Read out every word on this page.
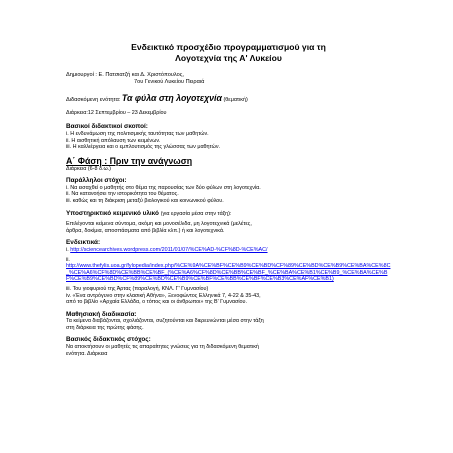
Ενδεικτικό προσχέδιο προγραμματισμού για τη
Λογοτεχνία της Α' Λυκείου
Δημιουργοί : Ε. Πατσιατζή και Δ. Χριστόπουλος,
7ου Γενικού Λυκείου Πειραιά
Διδασκόμενη ενότητα: Τα φύλα στη λογοτεχνία (θεματική)
Διάρκεια:12 Σεπτεμβρίου – 23 Δεκεμβρίου

Βασικοί διδακτικοί σκοποί:

i. Η ενδυνάμωση της πολιτισμικής ταυτότητας των μαθητών.

ii. Η αισθητική απόλαυση των κειμένων.

iii. Η καλλιέργεια και ο εμπλουτισμός της γλώσσας των μαθητών.

Α΄ Φάση : Πριν την ανάγνωση

Διάρκεια (6-8 δ.ω.)

Παράλληλοι στόχοι:

i. Να εισαχθεί ο μαθητής στο θέμα της παρουσίας των δύο φύλων στη λογοτεχνία.

ii. Να κατανοήσει την ιστορικότητα του θέματος.

iii. καθώς και τη διάκριση μεταξύ βιολογικού και κοινωνικού φύλου.

Υποστηρικτικό κειμενικό υλικό (για εργασία μέσα στην τάξη):

Επιλέγονται κείμενα σύντομα, ακόμη και μονοσέλιδα, μη λογοτεχνικά (μελέτες,

άρθρα, δοκίμια, αποσπάσματα από βιβλία κλπ.) ή και λογοτεχνικά.

Ενδεικτικά:

i. http://sciencearchives.wordpress.com/2011/01/07/%CE%AD-%CF%8D-%CE%AC/

ii.

http://www.thefylis.uoa.gr/fylopedia/index.php/%CE%9A%CE%BF%CE%B9%CE%BD%CF%89%CE%BD%CE%B9%CE%BA%CE%8C_%CE%A6%CF%8D%CE%BB%CE%BF_(%CE%A6%CF%8D%CE%BB%CE%BF_%CE%BA%CE%B1%CE%B9_%CE%BA%CE%BF%CE%B9%CE%BD%CF%89%CE%BD%CE%B9%CE%BF%CE%BB%CE%BF%CE%B3%CE%AF%CE%B1)

iii. Του γιοφυριού της Άρτας (παραλογή, ΚΝΛ. Γ' Γυμνασίου)

iv. «Ένα αντρόγυνο στην κλασική Αθήνα», Ξενοφώντος Ελληνικά 7, 4-22 & 35-43,

από το βιβλίο «Αρχαία Ελλάδα, ο τόπος και οι άνθρωποι» της Β' Γυμνασίου.

Μαθησιακή διαδικασία:

Τα κείμενα διαβάζονται, σχολιάζονται, συζητούνται και διερευνώνται μέσα στην τάξη

στη διάρκεια της πρώτης φάσης.

Βασικός διδακτικός στόχος:

Να αποκτήσουν οι μαθητές τις απαραίτητες γνώσεις για τη διδασκόμενη θεματική

ενότητα. Διάρκεια
